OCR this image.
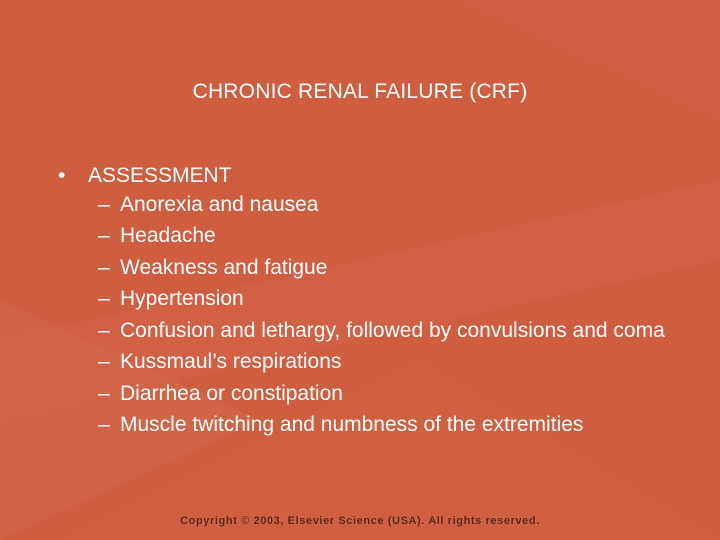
CHRONIC RENAL FAILURE (CRF)
•	ASSESSMENT
– Anorexia and nausea
– Headache
– Weakness and fatigue
– Hypertension
– Confusion and lethargy, followed by convulsions and coma
– Kussmaul’s respirations
– Diarrhea or constipation
– Muscle twitching and numbness of the extremities
Copyright © 2003, Elsevier Science (USA). All rights reserved.
